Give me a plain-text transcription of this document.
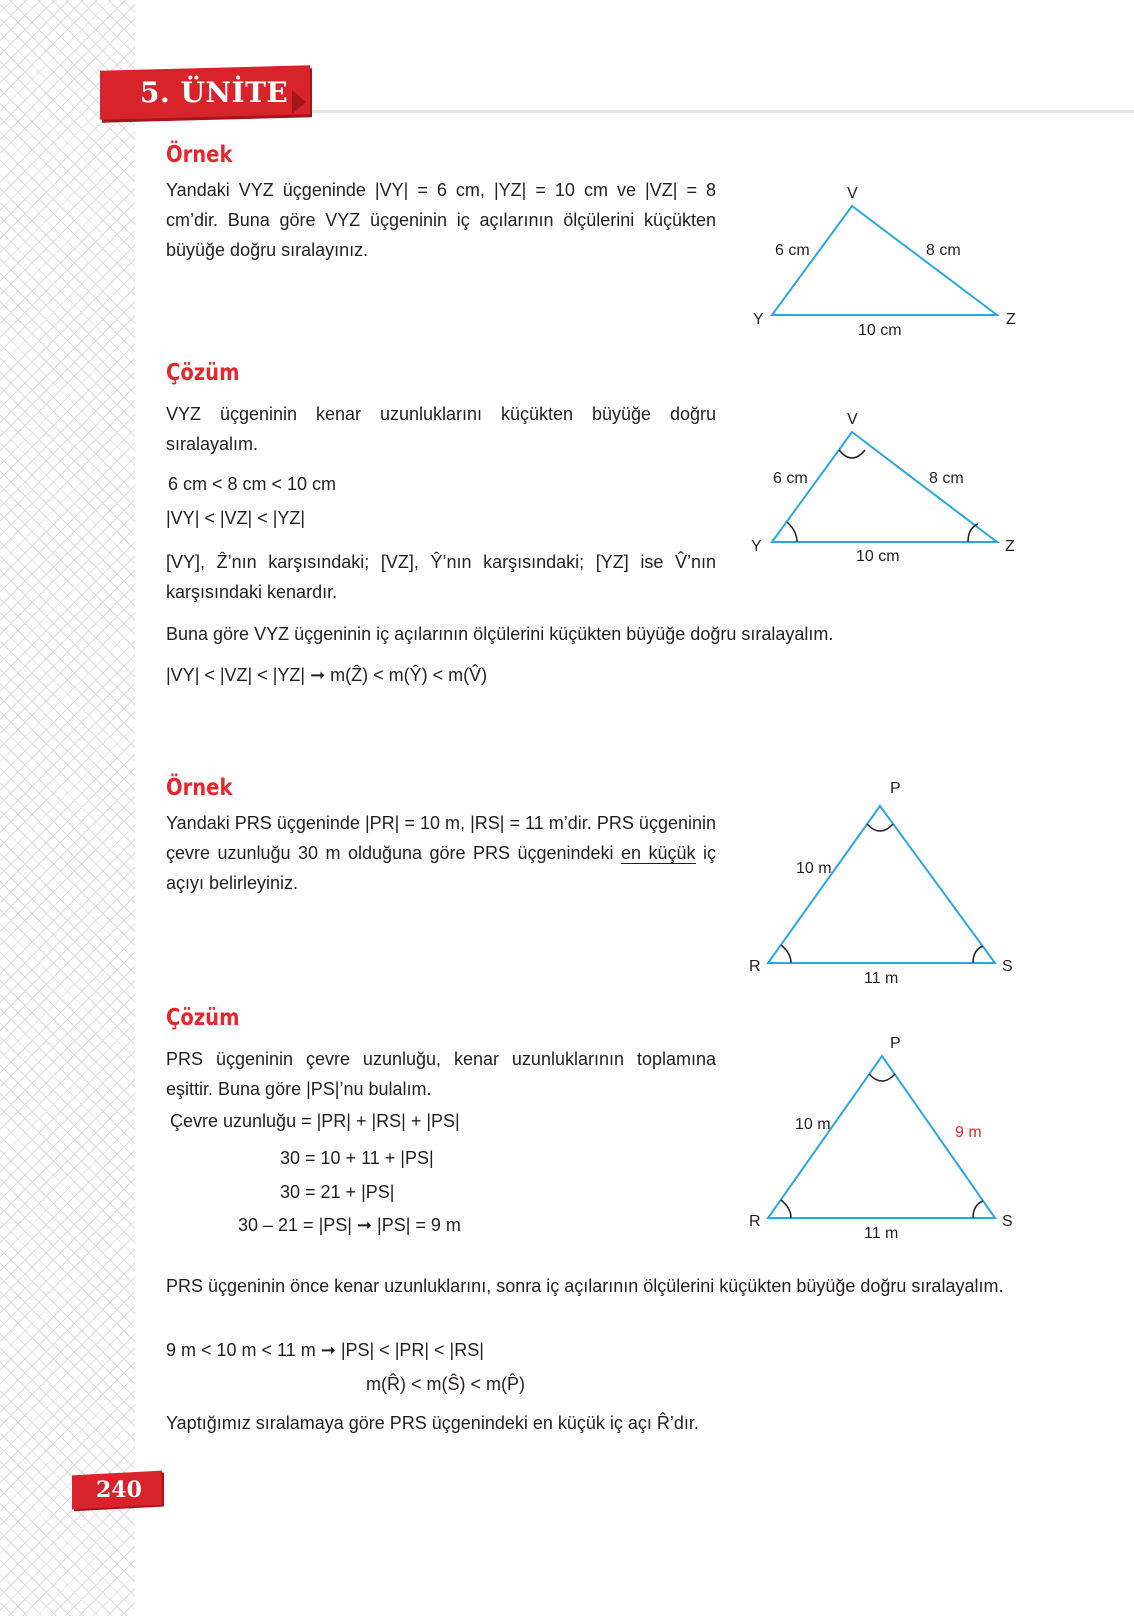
5. ÜNİTE
Örnek
Yandaki VYZ üçgeninde |VY| = 6 cm, |YZ| = 10 cm ve |VZ| = 8 cm’dir. Buna göre VYZ üçgeninin iç açılarının ölçülerini küçükten büyüğe doğru sıralayınız.
V
Y	Z
6 cm	8 cm
10 cm
Çözüm
VYZ üçgeninin kenar uzunluklarını küçükten büyüğe doğru sıralayalım.
6 cm < 8 cm < 10 cm
|VY| < |VZ| < |YZ|
[VY], Ẑ’nın karşısındaki; [VZ], Ŷ’nın karşısındaki; [YZ] ise V̂’nın karşısındaki kenardır.
Buna göre VYZ üçgeninin iç açılarının ölçülerini küçükten büyüğe doğru sıralayalım.
|VY| < |VZ| < |YZ| ➞ m(Ẑ) < m(Ŷ) < m(V̂)
V
Y	Z
6 cm	8 cm
10 cm
Örnek
Yandaki PRS üçgeninde |PR| = 10 m, |RS| = 11 m’dir. PRS üçgeninin çevre uzunluğu 30 m olduğuna göre PRS üçgenindeki en küçük iç açıyı belirleyiniz.
P
R	S
10 m
11 m
Çözüm
PRS üçgeninin çevre uzunluğu, kenar uzunluklarının toplamına eşittir. Buna göre |PS|’nu bulalım.
Çevre uzunluğu = |PR| + |RS| + |PS|
30 = 10 + 11 + |PS|
30 = 21 + |PS|
30 – 21 = |PS| ➞ |PS| = 9 m
P
R	S
10 m	9 m
11 m
PRS üçgeninin önce kenar uzunluklarını, sonra iç açılarının ölçülerini küçükten büyüğe doğru sıralayalım.
9 m < 10 m < 11 m ➞ |PS| < |PR| < |RS|
m(R̂) < m(Ŝ) < m(P̂)
Yaptığımız sıralamaya göre PRS üçgenindeki en küçük iç açı R̂’dır.
240
